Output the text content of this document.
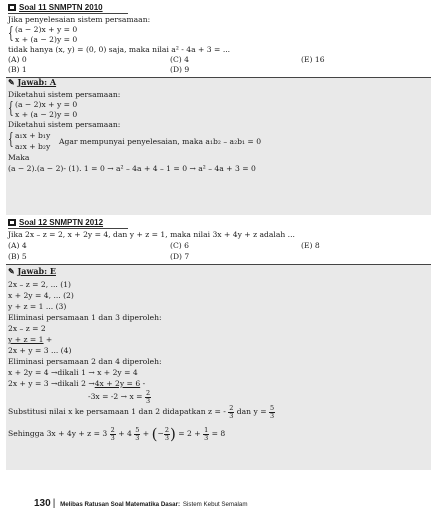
Soal 11 SNMPTN 2010
Jika penyelesaian sistem persamaan:
{ (a − 2)x + y = 0
x + (a − 2)y = 0
tidak hanya (x, y) = (0, 0) saja, maka nilai a² - 4a + 3 = ...
(A) 0
(B) 1
(C) 4
(D) 9
(E) 16
✎ Jawab: A
Diketahui sistem persamaan:
{ (a − 2)x + y = 0
x + (a − 2)y = 0
Diketahui sistem persamaan:
{ a₁x + b₁y
a₂x + b₂y
Agar mempunyai penyelesaian, maka a₁b₂ – a₂b₁ = 0
Maka
(a − 2).(a − 2)- (1). 1 = 0 → a² – 4a + 4 – 1 = 0 → a² – 4a + 3 = 0
Soal 12 SNMPTN 2012
Jika 2x – z = 2, x + 2y = 4, dan y + z = 1, maka nilai 3x + 4y + z adalah ...
(A) 4
(B) 5
(C) 6
(D) 7
(E) 8
✎ Jawab: E
2x – z = 2, ... (1)
x + 2y = 4, ... (2)
y + z = 1 ... (3)
Eliminasi persamaan 1 dan 3 diperoleh:
2x – z = 2
y + z = 1 +
2x + y = 3 ... (4)
Eliminasi persamaan 2 dan 4 diperoleh:
x + 2y = 4 →dikali 1 → x + 2y = 4
2x + y = 3 →dikali 2 →4x + 2y = 6 -
$-3x = -2 \to x = \frac{2}{3}$
Substitusi nilai x ke persamaan 1 dan 2 didapatkan z = - $\frac{2}{3}$ dan $y = \frac{5}{3}$
Sehingga $3x + 4y + z = 3 \frac{2}{3} + 4 \frac{5}{3}$ + (− $\frac{2}{3}$ ) = $2 + \frac{1}{3} = 8$
130 | Melibas Ratusan Soal Matematika Dasar: Sistem Kebut Semalam
